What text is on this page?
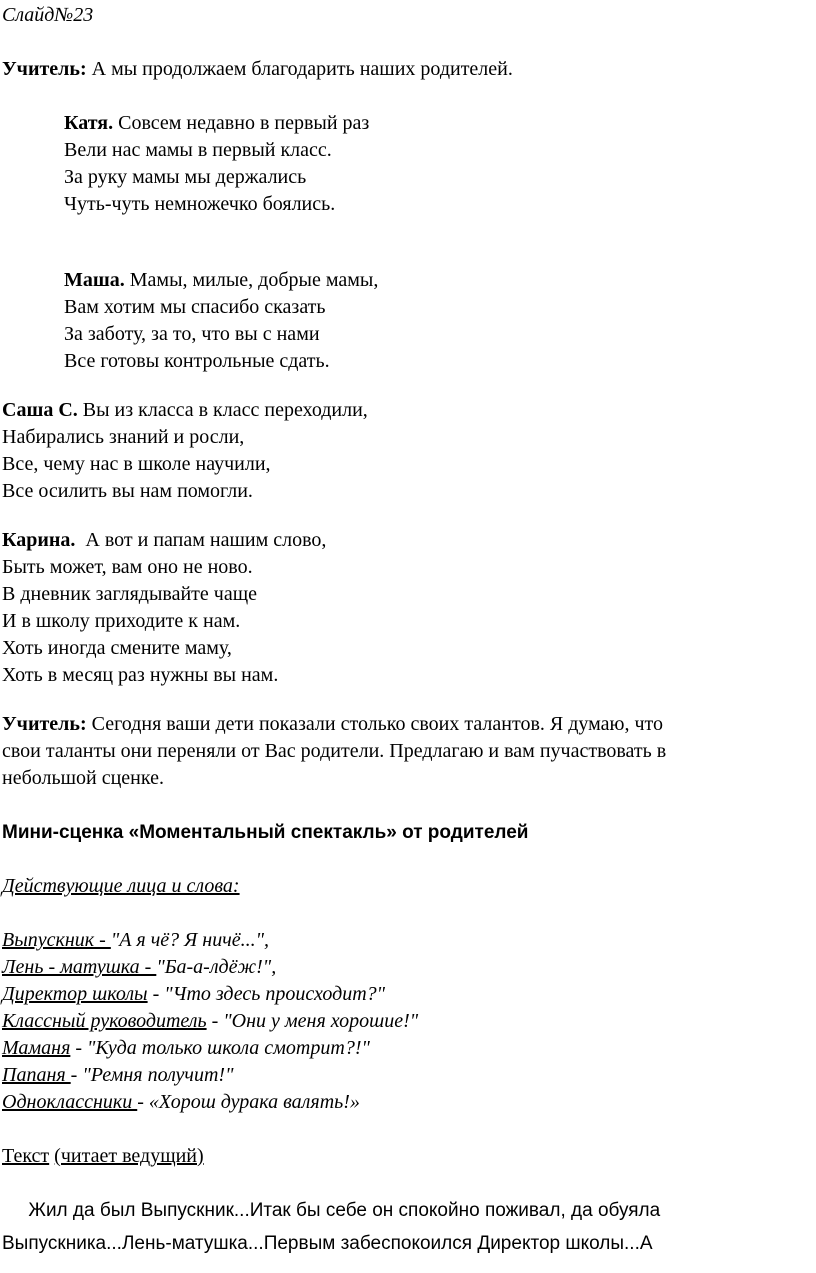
Слайд№23
Учитель: А мы продолжаем благодарить наших родителей.
Катя. Совсем недавно в первый раз
Вели нас мамы в первый класс.
За руку мамы мы держались
Чуть-чуть немножечко боялись.
Маша. Мамы, милые, добрые мамы,
Вам хотим мы спасибо сказать
За заботу, за то, что вы с нами
Все готовы контрольные сдать.
Саша С. Вы из класса в класс переходили,
Набирались знаний и росли,
Все, чему нас в школе научили,
Все осилить вы нам помогли.
Карина.  А вот и папам нашим слово,
Быть может, вам оно не ново.
В дневник заглядывайте чаще
И в школу приходите к нам.
Хоть иногда смените маму,
Хоть в месяц раз нужны вы нам.
Учитель: Сегодня ваши дети показали столько своих талантов. Я думаю, что
свои таланты они переняли от Вас родители. Предлагаю и вам пучаствовать в
небольшой сценке.
Мини-сценка «Моментальный спектакль» от родителей
Действующие лица и слова:
Выпускник - "А я чё? Я ничё...",
Лень - матушка - "Ба-а-лдёж!",
Директор школы - "Что здесь происходит?"
Классный руководитель - "Они у меня хорошие!"
Маманя - "Куда только школа смотрит?!"
Папаня - "Ремня получит!"
Одноклассники - «Хорош дурака валять!»
Текст (читает ведущий)
Жил да был Выпускник...Итак бы себе он спокойно поживал, да обуяла
Выпускника...Лень-матушка...Первым забеспокоился Директор школы...А
